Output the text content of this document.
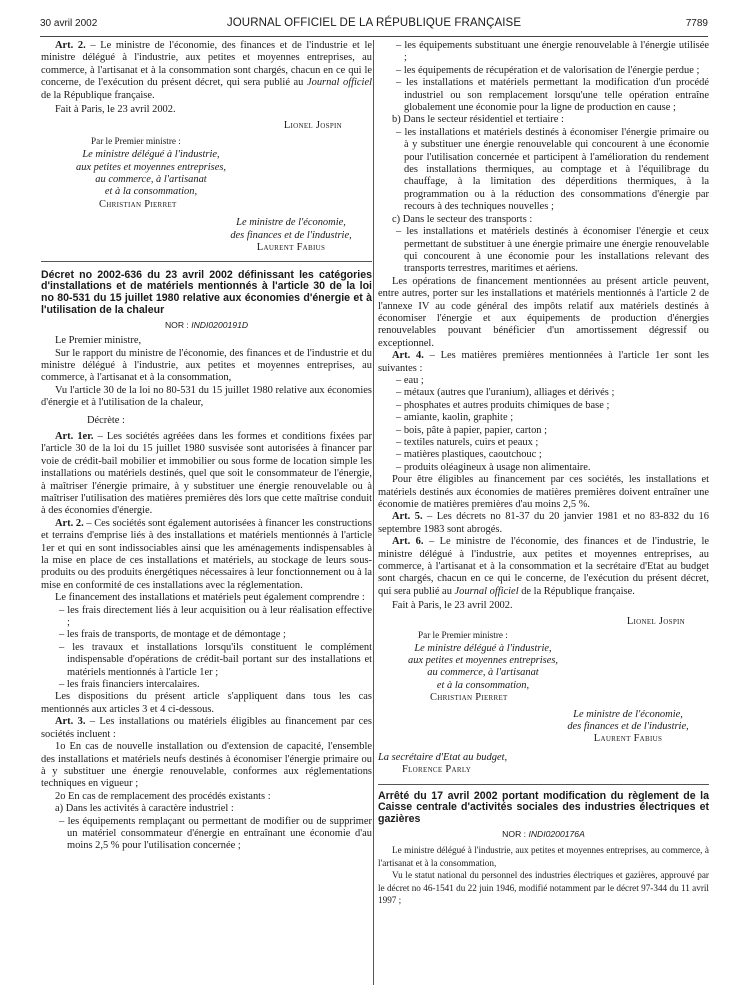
30 avril 2002	JOURNAL OFFICIEL DE LA RÉPUBLIQUE FRANÇAISE	7789

Art. 2. – Le ministre de l'économie, des finances et de l'industrie et le ministre délégué à l'industrie, aux petites et moyennes entreprises, au commerce, à l'artisanat et à la consommation sont chargés, chacun en ce qui le concerne, de l'exécution du présent décret, qui sera publié au Journal officiel de la République française.

Fait à Paris, le 23 avril 2002.

Lionel Jospin

Par le Premier ministre :

Le ministre délégué à l'industrie,
aux petites et moyennes entreprises,
au commerce, à l'artisanat
et à la consommation,

Christian Pierret

Le ministre de l'économie,
des finances et de l'industrie,

Laurent Fabius

Décret no 2002-636 du 23 avril 2002 définissant les catégories d'installations et de matériels mentionnés à l'article 30 de la loi no 80-531 du 15 juillet 1980 relative aux économies d'énergie et à l'utilisation de la chaleur

NOR : INDI0200191D

Le Premier ministre,

Sur le rapport du ministre de l'économie, des finances et de l'industrie et du ministre délégué à l'industrie, aux petites et moyennes entreprises, au commerce, à l'artisanat et à la consommation,

Vu l'article 30 de la loi no 80-531 du 15 juillet 1980 relative aux économies d'énergie et à l'utilisation de la chaleur,

Décrète :

Art. 1er. – Les sociétés agréées dans les formes et conditions fixées par l'article 30 de la loi du 15 juillet 1980 susvisée sont autorisées à financer par voie de crédit-bail mobilier et immobilier ou sous forme de location simple les installations ou matériels destinés, quel que soit le consommateur de l'énergie, à maîtriser l'énergie primaire, à y substituer une énergie renouvelable ou à maîtriser l'utilisation des matières premières dès lors que cette maîtrise conduit à des économies d'énergie.

Art. 2. – Ces sociétés sont également autorisées à financer les constructions et terrains d'emprise liés à des installations et matériels mentionnés à l'article 1er et qui en sont indissociables ainsi que les aménagements indispensables à la mise en place de ces installations et matériels, au stockage de leurs sous-produits ou des produits énergétiques nécessaires à leur fonctionnement ou à la mise en conformité de ces installations avec la réglementation.

Le financement des installations et matériels peut également comprendre :

– les frais directement liés à leur acquisition ou à leur réalisation effective ;

– les frais de transports, de montage et de démontage ;

– les travaux et installations lorsqu'ils constituent le complément indispensable d'opérations de crédit-bail portant sur des installations et matériels mentionnés à l'article 1er ;

– les frais financiers intercalaires.

Les dispositions du présent article s'appliquent dans tous les cas mentionnés aux articles 3 et 4 ci-dessous.

Art. 3. – Les installations ou matériels éligibles au financement par ces sociétés incluent :

1o En cas de nouvelle installation ou d'extension de capacité, l'ensemble des installations et matériels neufs destinés à économiser l'énergie primaire ou à y substituer une énergie renouvelable, conformes aux réglementations techniques en vigueur ;

2o En cas de remplacement des procédés existants :

a) Dans les activités à caractère industriel :

– les équipements remplaçant ou permettant de modifier ou de supprimer un matériel consommateur d'énergie en entraînant une économie d'au moins 2,5 % pour l'utilisation concernée ;

– les équipements substituant une énergie renouvelable à l'énergie utilisée ;

– les équipements de récupération et de valorisation de l'énergie perdue ;

– les installations et matériels permettant la modification d'un procédé industriel ou son remplacement lorsqu'une telle opération entraîne globalement une économie pour la ligne de production en cause ;

b) Dans le secteur résidentiel et tertiaire :

– les installations et matériels destinés à économiser l'énergie primaire ou à y substituer une énergie renouvelable qui concourent à une économie pour l'utilisation concernée et participent à l'amélioration du rendement des installations thermiques, au comptage et à l'équilibrage du chauffage, à la limitation des déperditions thermiques, à la programmation ou à la réduction des consommations d'énergie par recours à des techniques nouvelles ;

c) Dans le secteur des transports :

– les installations et matériels destinés à économiser l'énergie et ceux permettant de substituer à une énergie primaire une énergie renouvelable qui concourent à une économie pour les installations relevant des transports terrestres, maritimes et aériens.

Les opérations de financement mentionnées au présent article peuvent, entre autres, porter sur les installations et matériels mentionnés à l'article 2 de l'annexe IV au code général des impôts relatif aux matériels destinés à économiser l'énergie et aux équipements de production d'énergies renouvelables pouvant bénéficier d'un amortissement dégressif ou exceptionnel.

Art. 4. – Les matières premières mentionnées à l'article 1er sont les suivantes :

– eau ;

– métaux (autres que l'uranium), alliages et dérivés ;

– phosphates et autres produits chimiques de base ;

– amiante, kaolin, graphite ;

– bois, pâte à papier, papier, carton ;

– textiles naturels, cuirs et peaux ;

– matières plastiques, caoutchouc ;

– produits oléagineux à usage non alimentaire.

Pour être éligibles au financement par ces sociétés, les installations et matériels destinés aux économies de matières premières doivent entraîner une économie de matières premières d'au moins 2,5 %.

Art. 5. – Les décrets no 81-37 du 20 janvier 1981 et no 83-832 du 16 septembre 1983 sont abrogés.

Art. 6. – Le ministre de l'économie, des finances et de l'industrie, le ministre délégué à l'industrie, aux petites et moyennes entreprises, au commerce, à l'artisanat et à la consommation et la secrétaire d'Etat au budget sont chargés, chacun en ce qui le concerne, de l'exécution du présent décret, qui sera publié au Journal officiel de la République française.

Fait à Paris, le 23 avril 2002.

Lionel Jospin

Par le Premier ministre :

Le ministre délégué à l'industrie,
aux petites et moyennes entreprises,
au commerce, à l'artisanat
et à la consommation,

Christian Pierret

Le ministre de l'économie,
des finances et de l'industrie,

Laurent Fabius

La secrétaire d'Etat au budget,

Florence Parly

Arrêté du 17 avril 2002 portant modification du règlement de la Caisse centrale d'activités sociales des industries électriques et gazières

NOR : INDI0200176A

Le ministre délégué à l'industrie, aux petites et moyennes entreprises, au commerce, à l'artisanat et à la consommation,

Vu le statut national du personnel des industries électriques et gazières, approuvé par le décret no 46-1541 du 22 juin 1946, modifié notamment par le décret 97-344 du 11 avril 1997 ;
